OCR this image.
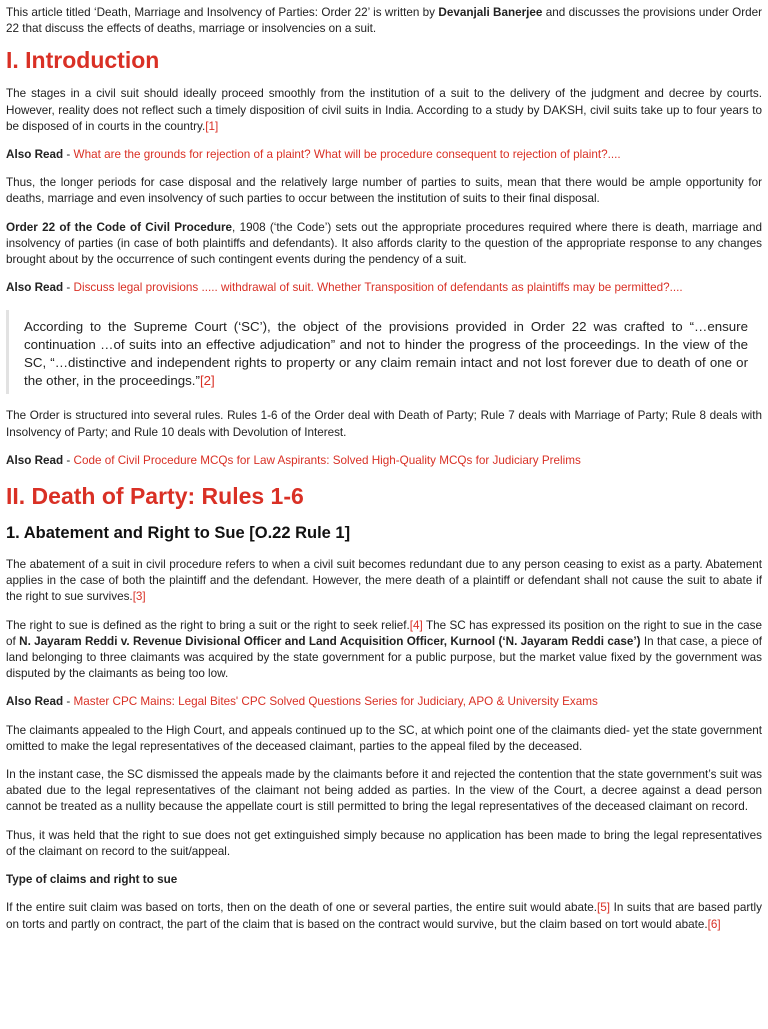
This article titled ‘Death, Marriage and Insolvency of Parties: Order 22’ is written by Devanjali Banerjee and discusses the provisions under Order 22 that discuss the effects of deaths, marriage or insolvencies on a suit.

I. Introduction

The stages in a civil suit should ideally proceed smoothly from the institution of a suit to the delivery of the judgment and decree by courts. However, reality does not reflect such a timely disposition of civil suits in India. According to a study by DAKSH, civil suits take up to four years to be disposed of in courts in the country.[1]

Also Read - What are the grounds for rejection of a plaint? What will be procedure consequent to rejection of plaint?....

Thus, the longer periods for case disposal and the relatively large number of parties to suits, mean that there would be ample opportunity for deaths, marriage and even insolvency of such parties to occur between the institution of suits to their final disposal.

Order 22 of the Code of Civil Procedure, 1908 (‘the Code’) sets out the appropriate procedures required where there is death, marriage and insolvency of parties (in case of both plaintiffs and defendants). It also affords clarity to the question of the appropriate response to any changes brought about by the occurrence of such contingent events during the pendency of a suit.

Also Read - Discuss legal provisions ..... withdrawal of suit. Whether Transposition of defendants as plaintiffs may be permitted?....

According to the Supreme Court (‘SC’), the object of the provisions provided in Order 22 was crafted to “…ensure continuation …of suits into an effective adjudication” and not to hinder the progress of the proceedings. In the view of the SC, “…distinctive and independent rights to property or any claim remain intact and not lost forever due to death of one or the other, in the proceedings.”[2]

The Order is structured into several rules. Rules 1-6 of the Order deal with Death of Party; Rule 7 deals with Marriage of Party; Rule 8 deals with Insolvency of Party; and Rule 10 deals with Devolution of Interest.

Also Read - Code of Civil Procedure MCQs for Law Aspirants: Solved High-Quality MCQs for Judiciary Prelims

II. Death of Party: Rules 1-6
1. Abatement and Right to Sue [O.22 Rule 1]

The abatement of a suit in civil procedure refers to when a civil suit becomes redundant due to any person ceasing to exist as a party. Abatement applies in the case of both the plaintiff and the defendant. However, the mere death of a plaintiff or defendant shall not cause the suit to abate if the right to sue survives.[3]

The right to sue is defined as the right to bring a suit or the right to seek relief.[4] The SC has expressed its position on the right to sue in the case of N. Jayaram Reddi v. Revenue Divisional Officer and Land Acquisition Officer, Kurnool (‘N. Jayaram Reddi case’) In that case, a piece of land belonging to three claimants was acquired by the state government for a public purpose, but the market value fixed by the government was disputed by the claimants as being too low.

Also Read - Master CPC Mains: Legal Bites' CPC Solved Questions Series for Judiciary, APO & University Exams

The claimants appealed to the High Court, and appeals continued up to the SC, at which point one of the claimants died- yet the state government omitted to make the legal representatives of the deceased claimant, parties to the appeal filed by the deceased.

In the instant case, the SC dismissed the appeals made by the claimants before it and rejected the contention that the state government’s suit was abated due to the legal representatives of the claimant not being added as parties. In the view of the Court, a decree against a dead person cannot be treated as a nullity because the appellate court is still permitted to bring the legal representatives of the deceased claimant on record.

Thus, it was held that the right to sue does not get extinguished simply because no application has been made to bring the legal representatives of the claimant on record to the suit/appeal.

Type of claims and right to sue

If the entire suit claim was based on torts, then on the death of one or several parties, the entire suit would abate.[5] In suits that are based partly on torts and partly on contract, the part of the claim that is based on the contract would survive, but the claim based on tort would abate.[6]
